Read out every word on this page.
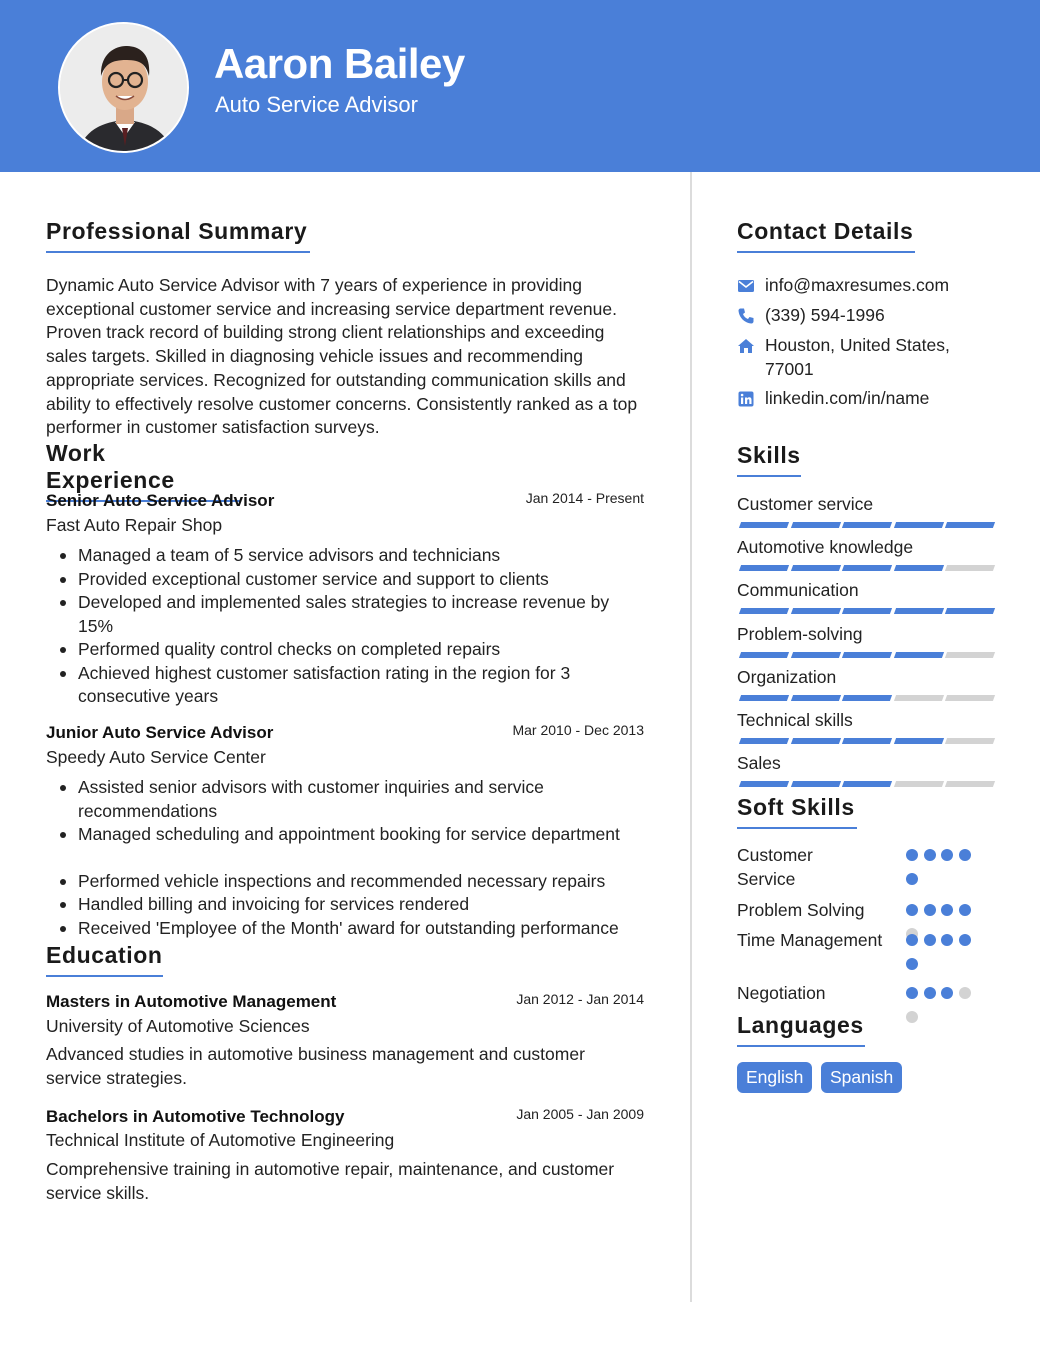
Aaron Bailey
Auto Service Advisor
Professional Summary
Dynamic Auto Service Advisor with 7 years of experience in providing exceptional customer service and increasing service department revenue. Proven track record of building strong client relationships and exceeding sales targets. Skilled in diagnosing vehicle issues and recommending appropriate services. Recognized for outstanding communication skills and ability to effectively resolve customer concerns. Consistently ranked as a top performer in customer satisfaction surveys.
Work Experience
Senior Auto Service Advisor	Jan 2014 - Present
Fast Auto Repair Shop
Managed a team of 5 service advisors and technicians
Provided exceptional customer service and support to clients
Developed and implemented sales strategies to increase revenue by 15%
Performed quality control checks on completed repairs
Achieved highest customer satisfaction rating in the region for 3 consecutive years
Junior Auto Service Advisor	Mar 2010 - Dec 2013
Speedy Auto Service Center
Assisted senior advisors with customer inquiries and service recommendations
Managed scheduling and appointment booking for service department
Performed vehicle inspections and recommended necessary repairs
Handled billing and invoicing for services rendered
Received 'Employee of the Month' award for outstanding performance
Education
Masters in Automotive Management	Jan 2012 - Jan 2014
University of Automotive Sciences
Advanced studies in automotive business management and customer service strategies.
Bachelors in Automotive Technology	Jan 2005 - Jan 2009
Technical Institute of Automotive Engineering
Comprehensive training in automotive repair, maintenance, and customer service skills.
Contact Details
info@maxresumes.com
(339) 594-1996
Houston, United States, 77001
linkedin.com/in/name
Skills
Customer service
Automotive knowledge
Communication
Problem-solving
Organization
Technical skills
Sales
Soft Skills
Customer Service
Problem Solving
Time Management
Negotiation
Languages
English	Spanish
